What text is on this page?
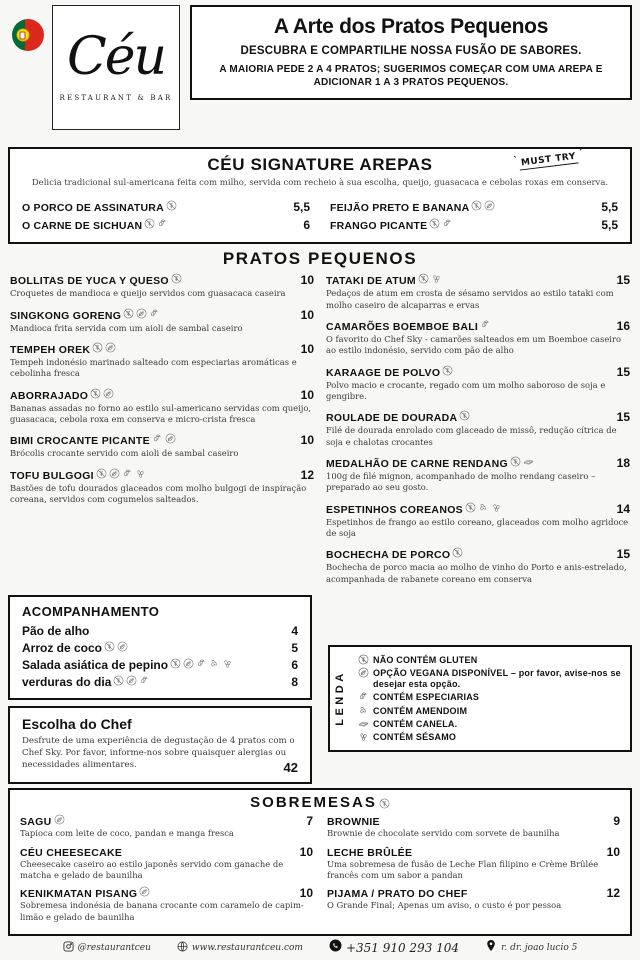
Céu
RESTAURANT & BAR
A Arte dos Pratos Pequenos
DESCUBRA E COMPARTILHE NOSSA FUSÃO DE SABORES.
A MAIORIA PEDE 2 A 4 PRATOS; SUGERIMOS COMEÇAR COM UMA AREPA E ADICIONAR 1 A 3 PRATOS PEQUENOS.
` MUST TRY ´
CÉU SIGNATURE AREPAS
Delicia tradicional sul-americana feita com milho, servida com recheio à sua escolha, queijo, guasacaca e cebolas roxas em conserva.
O PORCO DE ASSINATURA	5,5 FEIJÃO PRETO E BANANA	5,5
O CARNE DE SICHUAN	6 FRANGO PICANTE	5,5
PRATOS PEQUENOS
BOLLITAS DE YUCA Y QUESO	10
Croquetes de mandioca e queijo servidos com guasacaca caseira
SINGKONG GORENG	10
Mandioca frita servida com um aioli de sambal caseiro
TEMPEH OREK	10
Tempeh indonésio marinado salteado com especiarias aromáticas e cebolinha fresca
ABORRAJADO	10
Bananas assadas no forno ao estilo sul-americano servidas com queijo, guasacaca, cebola roxa em conserva e micro-crista fresca
BIMI CROCANTE PICANTE	10
Brócolis crocante servido com aioli de sambal caseiro
TOFU BULGOGI	12
Bastões de tofu dourados glaceados com molho bulgogi de inspiração coreana, servidos com cogumelos salteados.
TATAKI DE ATUM	15
Pedaços de atum em crosta de sésamo servidos ao estilo tataki com molho caseiro de alcaparras e ervas
CAMARÕES BOEMBOE BALI	16
O favorito do Chef Sky - camarões salteados em um Boemboe caseiro ao estilo indonésio, servido com pão de alho
KARAAGE DE POLVO	15
Polvo macio e crocante, regado com um molho saboroso de soja e gengibre.
ROULADE DE DOURADA	15
Filé de dourada enrolado com glaceado de missô, redução cítrica de soja e chalotas crocantes
MEDALHÃO DE CARNE RENDANG	18
100g de filé mignon, acompanhado de molho rendang caseiro – preparado ao seu gosto.
ESPETINHOS COREANOS	14
Espetinhos de frango ao estilo coreano, glaceados com molho agridoce de soja
BOCHECHA DE PORCO	15
Bochecha de porco macia ao molho de vinho do Porto e anis-estrelado, acompanhada de rabanete coreano em conserva
ACOMPANHAMENTO
Pão de alho	4
Arroz de coco	5
Salada asiática de pepino	6
verduras do dia	8
Escolha do Chef
Desfrute de uma experiência de degustação de 4 pratos com o Chef Sky. Por favor, informe-nos sobre quaisquer alergias ou necessidades alimentares.	42
LENDA
NÃO CONTÉM GLUTEN
OPÇÃO VEGANA DISPONÍVEL – por favor, avise-nos se desejar esta opção.
CONTÉM ESPECIARIAS
CONTÉM AMENDOIM
CONTÉM CANELA.
CONTÉM SÉSAMO
SOBREMESAS
SAGU	7
Tapioca com leite de coco, pandan e manga fresca
CÉU CHEESECAKE	10
Cheesecake caseiro ao estilo japonês servido com ganache de matcha e gelado de baunilha
KENIKMATAN PISANG	10
Sobremesa indonésia de banana crocante com caramelo de capim-limão e gelado de baunilha
BROWNIE	9
Brownie de chocolate servido com sorvete de baunilha
LECHE BRÛLÉE	10
Uma sobremesa de fusão de Leche Flan filipino e Crème Brûlée francês com um sabor a pandan
PIJAMA / PRATO DO CHEF	12
O Grande Final; Apenas um aviso, o custo é por pessoa
@restaurantceu	www.restaurantceu.com	+351 910 293 104	r. dr. joao lucio 5
